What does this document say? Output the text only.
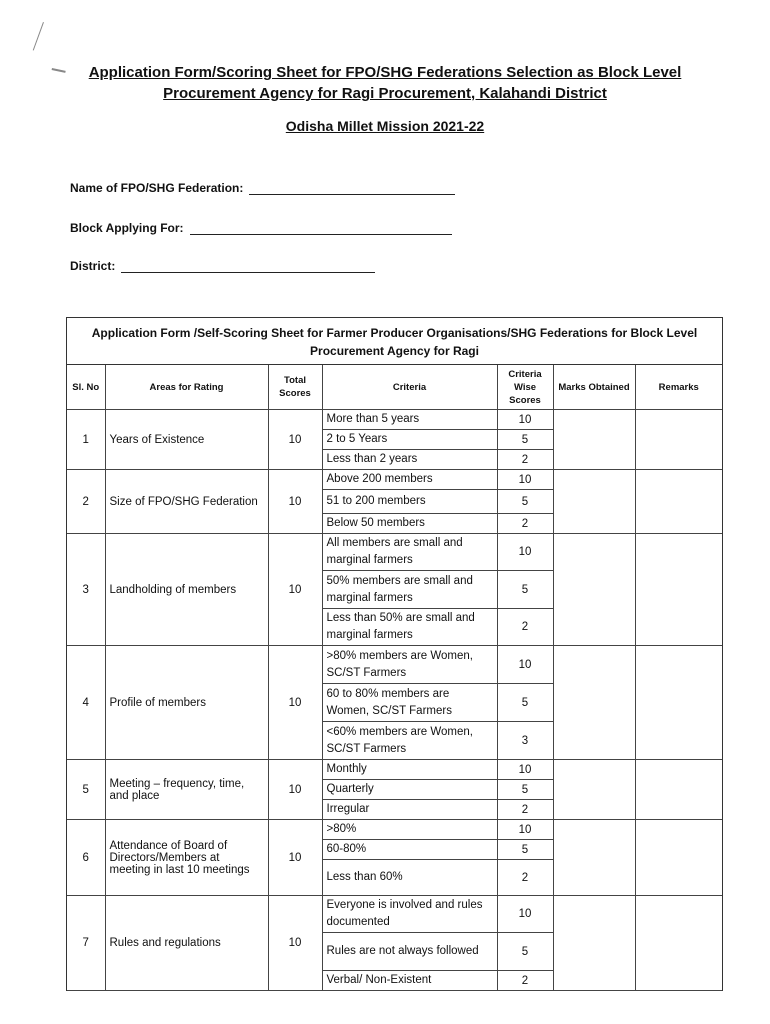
Application Form/Scoring Sheet for FPO/SHG Federations Selection as Block Level
Procurement Agency for Ragi Procurement, Kalahandi District
Odisha Millet Mission 2021-22
Name of FPO/SHG Federation:
Block Applying For:
District:
Application Form /Self-Scoring Sheet for Farmer Producer Organisations/SHG Federations for Block Level Procurement Agency for Ragi
Sl. No	Areas for Rating	Total Scores	Criteria	Criteria Wise Scores	Marks Obtained	Remarks
1	Years of Existence	10	More than 5 years	10		
			2 to 5 Years	5		
			Less than 2 years	2		
2	Size of FPO/SHG Federation	10	Above 200 members	10		
			51 to 200 members	5		
			Below 50 members	2		
3	Landholding of members	10	All members are small and marginal farmers	10		
			50% members are small and marginal farmers	5		
			Less than 50% are small and marginal farmers	2		
4	Profile of members	10	>80% members are Women, SC/ST Farmers	10		
			60 to 80% members are Women, SC/ST Farmers	5		
			<60% members are Women, SC/ST Farmers	3		
5	Meeting – frequency, time, and place	10	Monthly	10		
			Quarterly	5		
			Irregular	2		
6	Attendance of Board of Directors/Members at meeting in last 10 meetings	10	>80%	10		
			60-80%	5		
			Less than 60%	2		
7	Rules and regulations	10	Everyone is involved and rules documented	10		
			Rules are not always followed	5		
			Verbal/ Non-Existent	2		
